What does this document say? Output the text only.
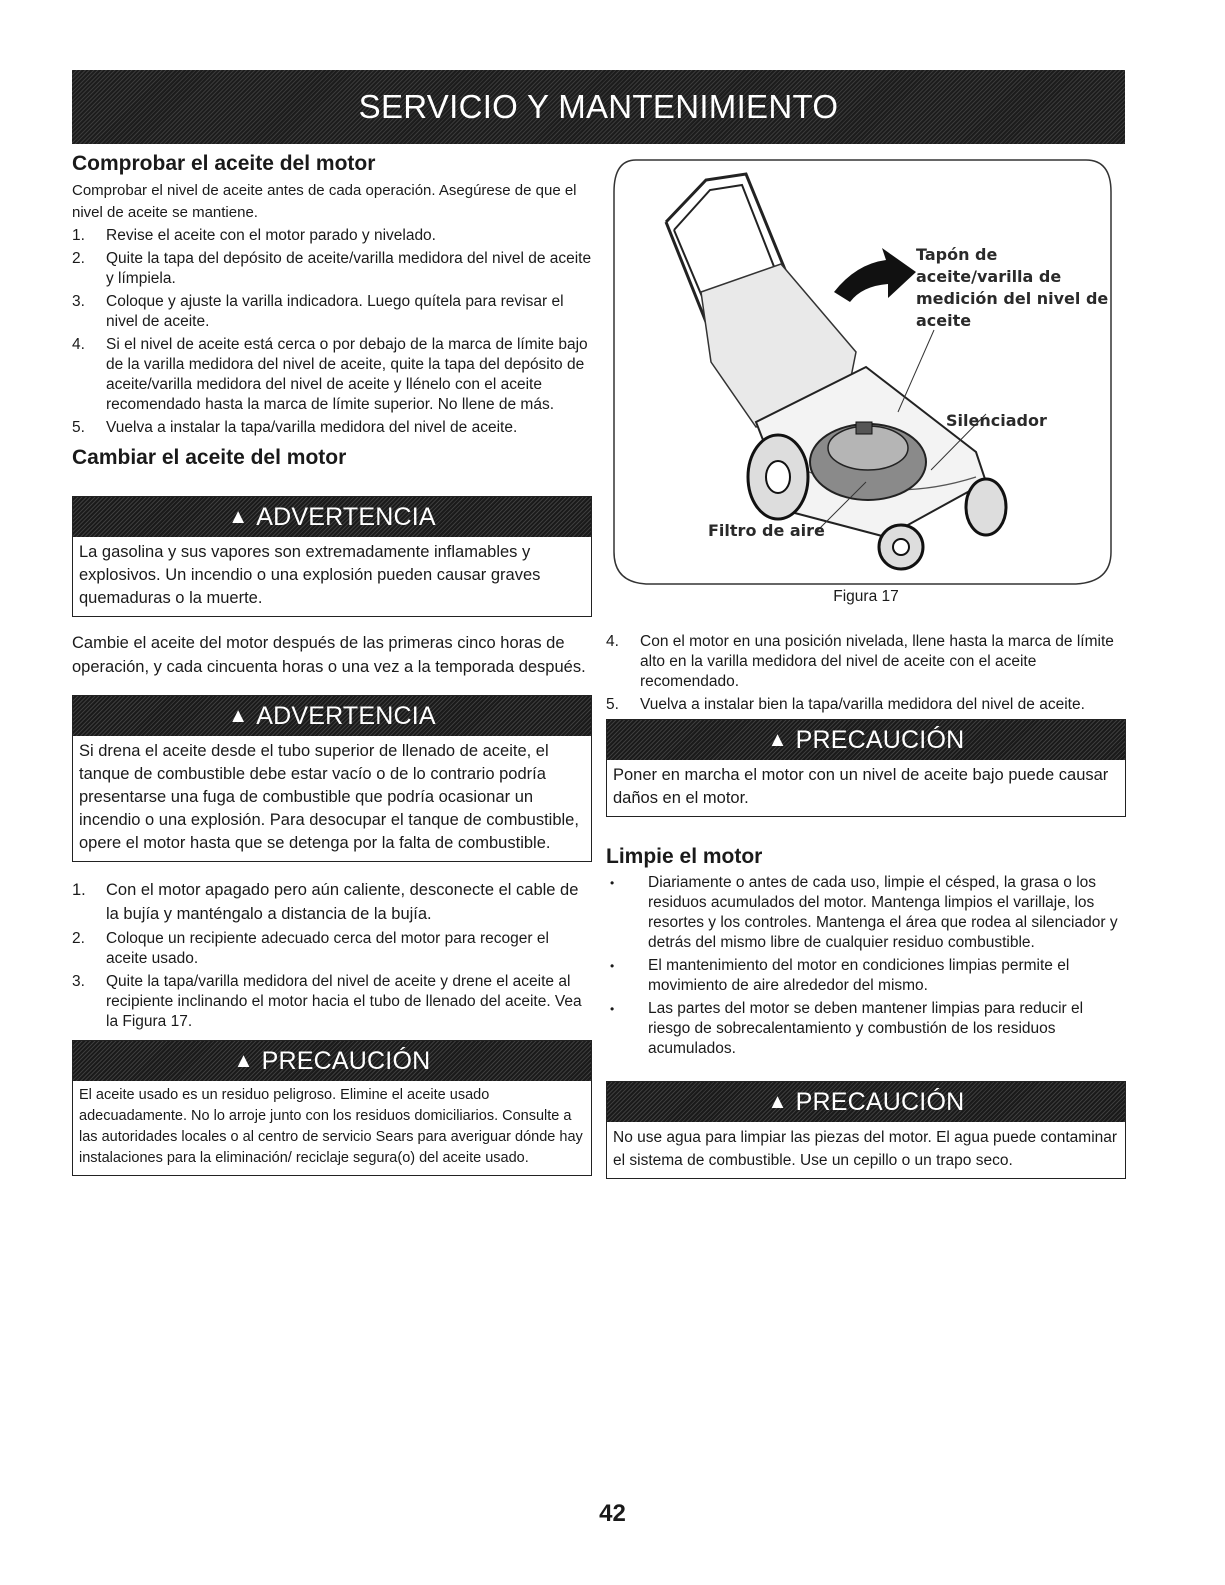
SERVICIO Y MANTENIMIENTO
Comprobar el aceite del motor

Comprobar el nivel de aceite antes de cada operación. Asegúrese de que el nivel de aceite se mantiene.

1.	Revise el aceite con el motor parado y nivelado.
2.	Quite la tapa del depósito de aceite/varilla medidora del nivel de aceite y límpiela.
3.	Coloque y ajuste la varilla indicadora. Luego quítela para revisar el nivel de aceite.
4.	Si el nivel de aceite está cerca o por debajo de la marca de límite bajo de la varilla medidora del nivel de aceite, quite la tapa del depósito de aceite/varilla medidora del nivel de aceite y llénelo con el aceite recomendado hasta la marca de límite superior. No llene de más.
5.	Vuelva a instalar la tapa/varilla medidora del nivel de aceite.
Cambiar el aceite del motor
▲ ADVERTENCIA
La gasolina y sus vapores son extremadamente inflamables y explosivos. Un incendio o una explosión pueden causar graves quemaduras o la muerte.

Cambie el aceite del motor después de las primeras cinco horas de operación, y cada cincuenta horas o una vez a la temporada después.

▲ ADVERTENCIA
Si drena el aceite desde el tubo superior de llenado de aceite, el tanque de combustible debe estar vacío o de lo contrario podría presentarse una fuga de combustible que podría ocasionar un incendio o una explosión. Para desocupar el tanque de combustible, opere el motor hasta que se detenga por la falta de combustible.
1.	Con el motor apagado pero aún caliente, desconecte el cable de la bujía y manténgalo a distancia de la bujía.
2.	Coloque un recipiente adecuado cerca del motor para recoger el aceite usado.
3.	Quite la tapa/varilla medidora del nivel de aceite y drene el aceite al recipiente inclinando el motor hacia el tubo de llenado del aceite. Vea la Figura 17.
▲ PRECAUCIÓN
El aceite usado es un residuo peligroso. Elimine el aceite usado adecuadamente. No lo arroje junto con los residuos domiciliarios. Consulte a las autoridades locales o al centro de servicio Sears para averiguar dónde hay instalaciones para la eliminación/ reciclaje segura(o) del aceite usado.
Tapón de aceite/varilla de medición del nivel de aceite
Silenciador
Filtro de aire
Figura 17
4.	Con el motor en una posición nivelada, llene hasta la marca de límite alto en la varilla medidora del nivel de aceite con el aceite recomendado.
5.	Vuelva a instalar bien la tapa/varilla medidora del nivel de aceite.
▲ PRECAUCIÓN
Poner en marcha el motor con un nivel de aceite bajo puede causar daños en el motor.
Limpie el motor
•	Diariamente o antes de cada uso, limpie el césped, la grasa o los residuos acumulados del motor. Mantenga limpios el varillaje, los resortes y los controles. Mantenga el área que rodea al silenciador y detrás del mismo libre de cualquier residuo combustible.
•	El mantenimiento del motor en condiciones limpias permite el movimiento de aire alrededor del mismo.
•	Las partes del motor se deben mantener limpias para reducir el riesgo de sobrecalentamiento y combustión de los residuos acumulados.
▲ PRECAUCIÓN
No use agua para limpiar las piezas del motor. El agua puede contaminar el sistema de combustible. Use un cepillo o un trapo seco.
42
